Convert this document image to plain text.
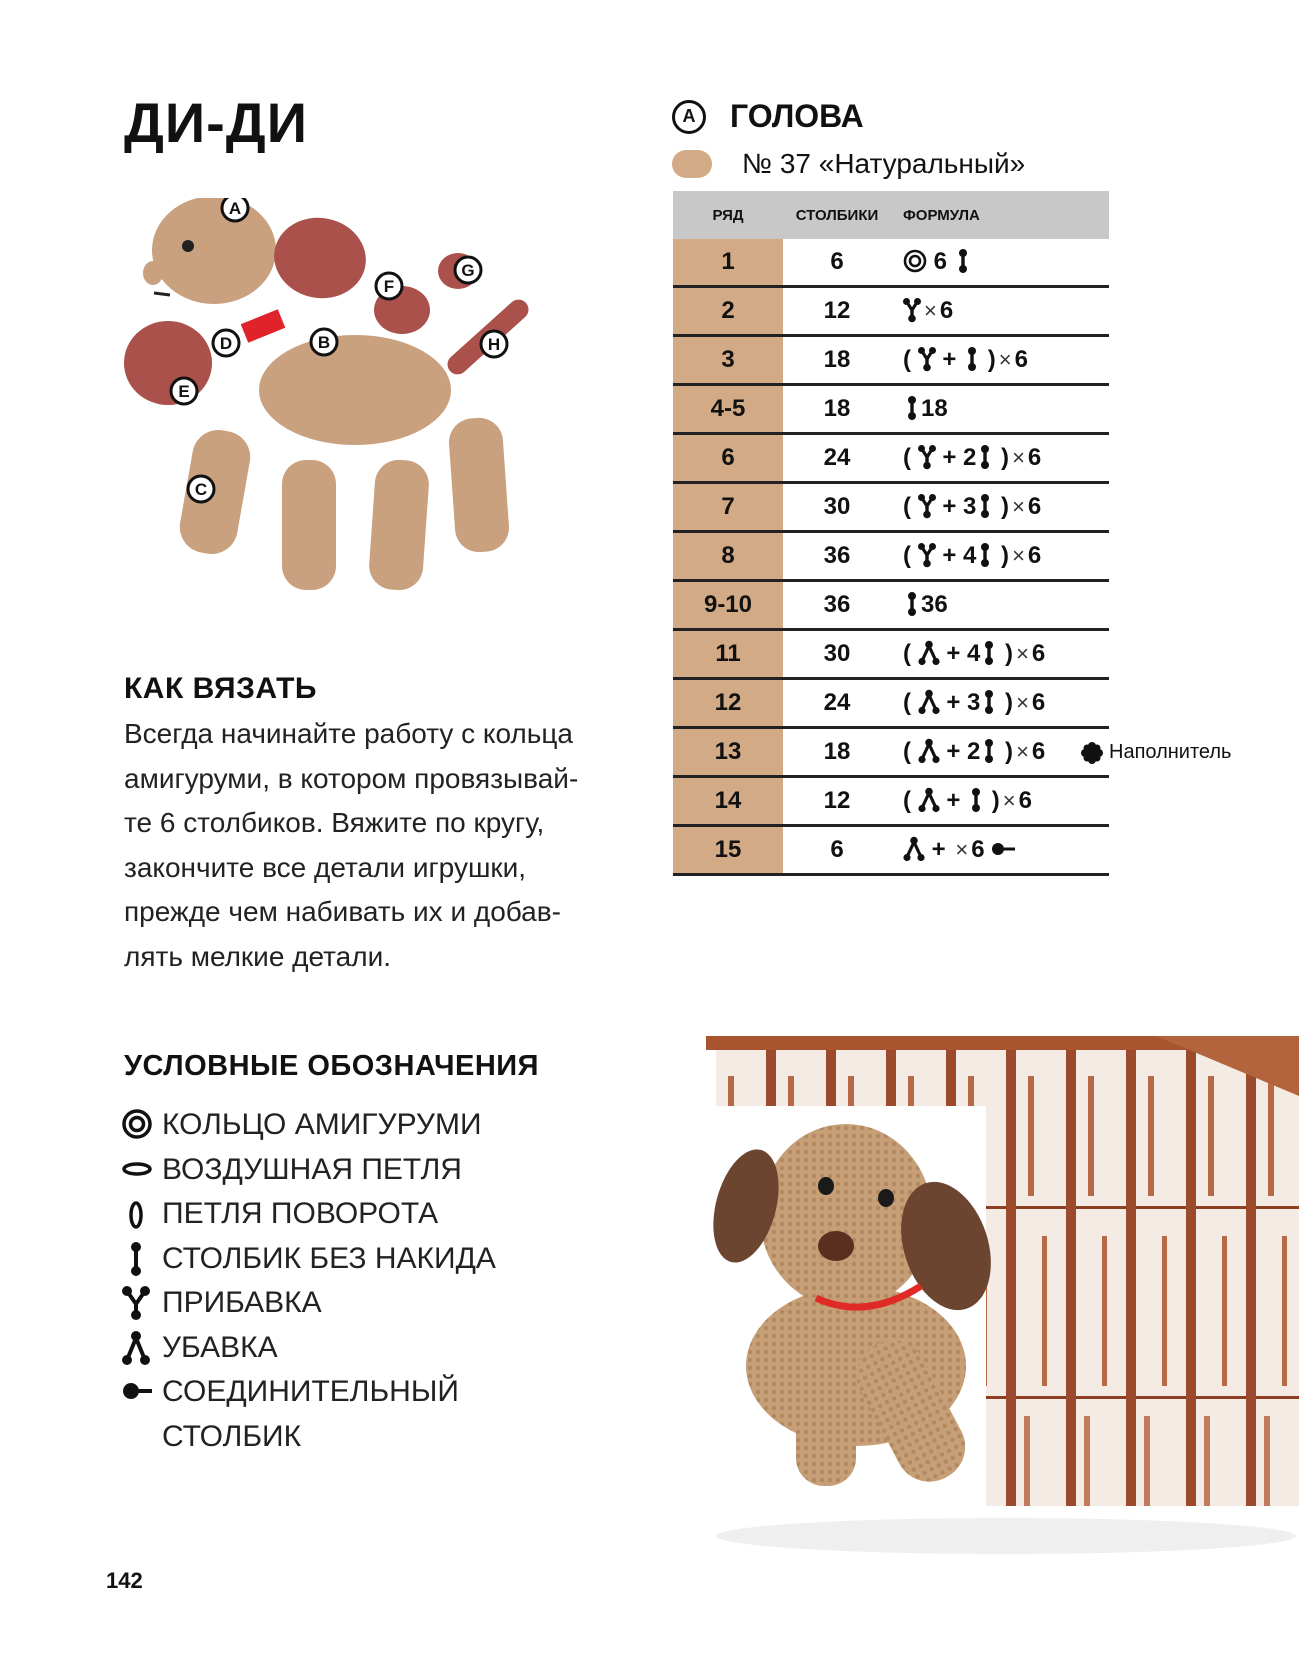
ДИ-ДИ
A
B
C
D
E
F
G
H
КАК ВЯЗАТЬ
Всегда начинайте работу с кольца
амигуруми, в котором провязывай-
те 6 столбиков. Вяжите по кругу,
закончите все детали игрушки,
прежде чем набивать их и добав-
лять мелкие детали.
УСЛОВНЫЕ ОБОЗНАЧЕНИЯ
КОЛЬЦО АМИГУРУМИ
ВОЗДУШНАЯ ПЕТЛЯ
ПЕТЛЯ ПОВОРОТА
СТОЛБИК БЕЗ НАКИДА
ПРИБАВКА
УБАВКА
СОЕДИНИТЕЛЬНЫЙ
СТОЛБИК
142
A	ГОЛОВА
№ 37 «Натуральный»
РЯД	СТОЛБИКИ	ФОРМУЛА
1	6	6
2	12	× 6
3	18	(  +  ) × 6
4-5	18	18
6	24	(  + 2 ) × 6
7	30	(  + 3 ) × 6
8	36	(  + 4 ) × 6
9-10	36	36
11	30	(  + 4 ) × 6
12	24	(  + 3 ) × 6
13	18	(  + 2 ) × 6 Наполнитель

14	12	(  +  ) × 6
15	6	+ × 6
